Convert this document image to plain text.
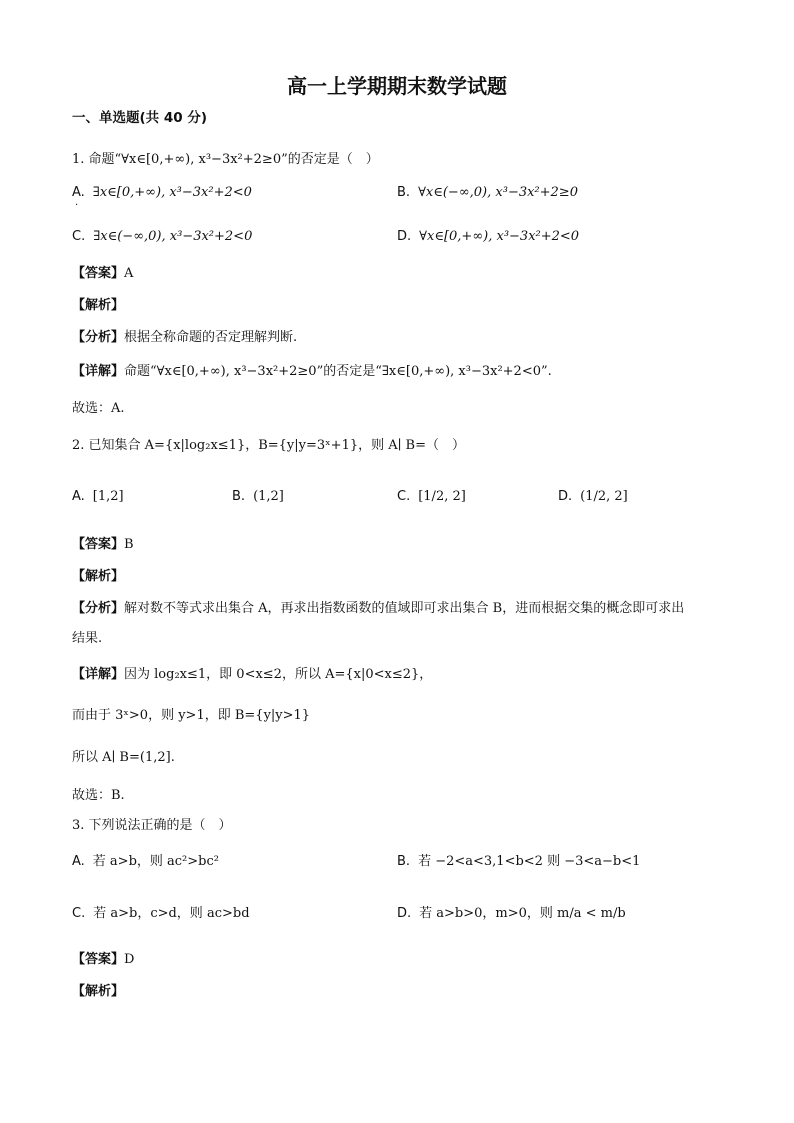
高一上学期期末数学试题
一、单选题(共 40 分)
1. 命题“∀x∈[0,+∞), x³−3x²+2≥0”的否定是（　）
A. ∃x∈[0,+∞), x³−3x²+2<0
.
B. ∀x∈(−∞,0), x³−3x²+2≥0
C. ∃x∈(−∞,0), x³−3x²+2<0	D. ∀x∈[0,+∞), x³−3x²+2<0
【答案】A
【解析】
【分析】根据全称命题的否定理解判断.
【详解】命题“∀x∈[0,+∞), x³−3x²+2≥0”的否定是“∃x∈[0,+∞), x³−3x²+2<0”.
故选：A.
2. 已知集合 A={x|log₂x≤1}，B={y|y=3ˣ+1}，则 A∣ B=（　）
A. [1,2]	B. (1,2]	C. [1/2, 2]	D. (1/2, 2]
【答案】B
【解析】
【分析】解对数不等式求出集合 A，再求出指数函数的值域即可求出集合 B，进而根据交集的概念即可求出
结果.
【详解】因为 log₂x≤1，即 0<x≤2，所以 A={x|0<x≤2}，
而由于 3ˣ>0，则 y>1，即 B={y|y>1}
所以 A∣ B=(1,2].
故选：B.
3. 下列说法正确的是（　）
A. 若 a>b，则 ac²>bc²	B. 若 −2<a<3,1<b<2 则 −3<a−b<1
C. 若 a>b，c>d，则 ac>bd	D. 若 a>b>0，m>0，则 m/a < m/b
【答案】D
【解析】
